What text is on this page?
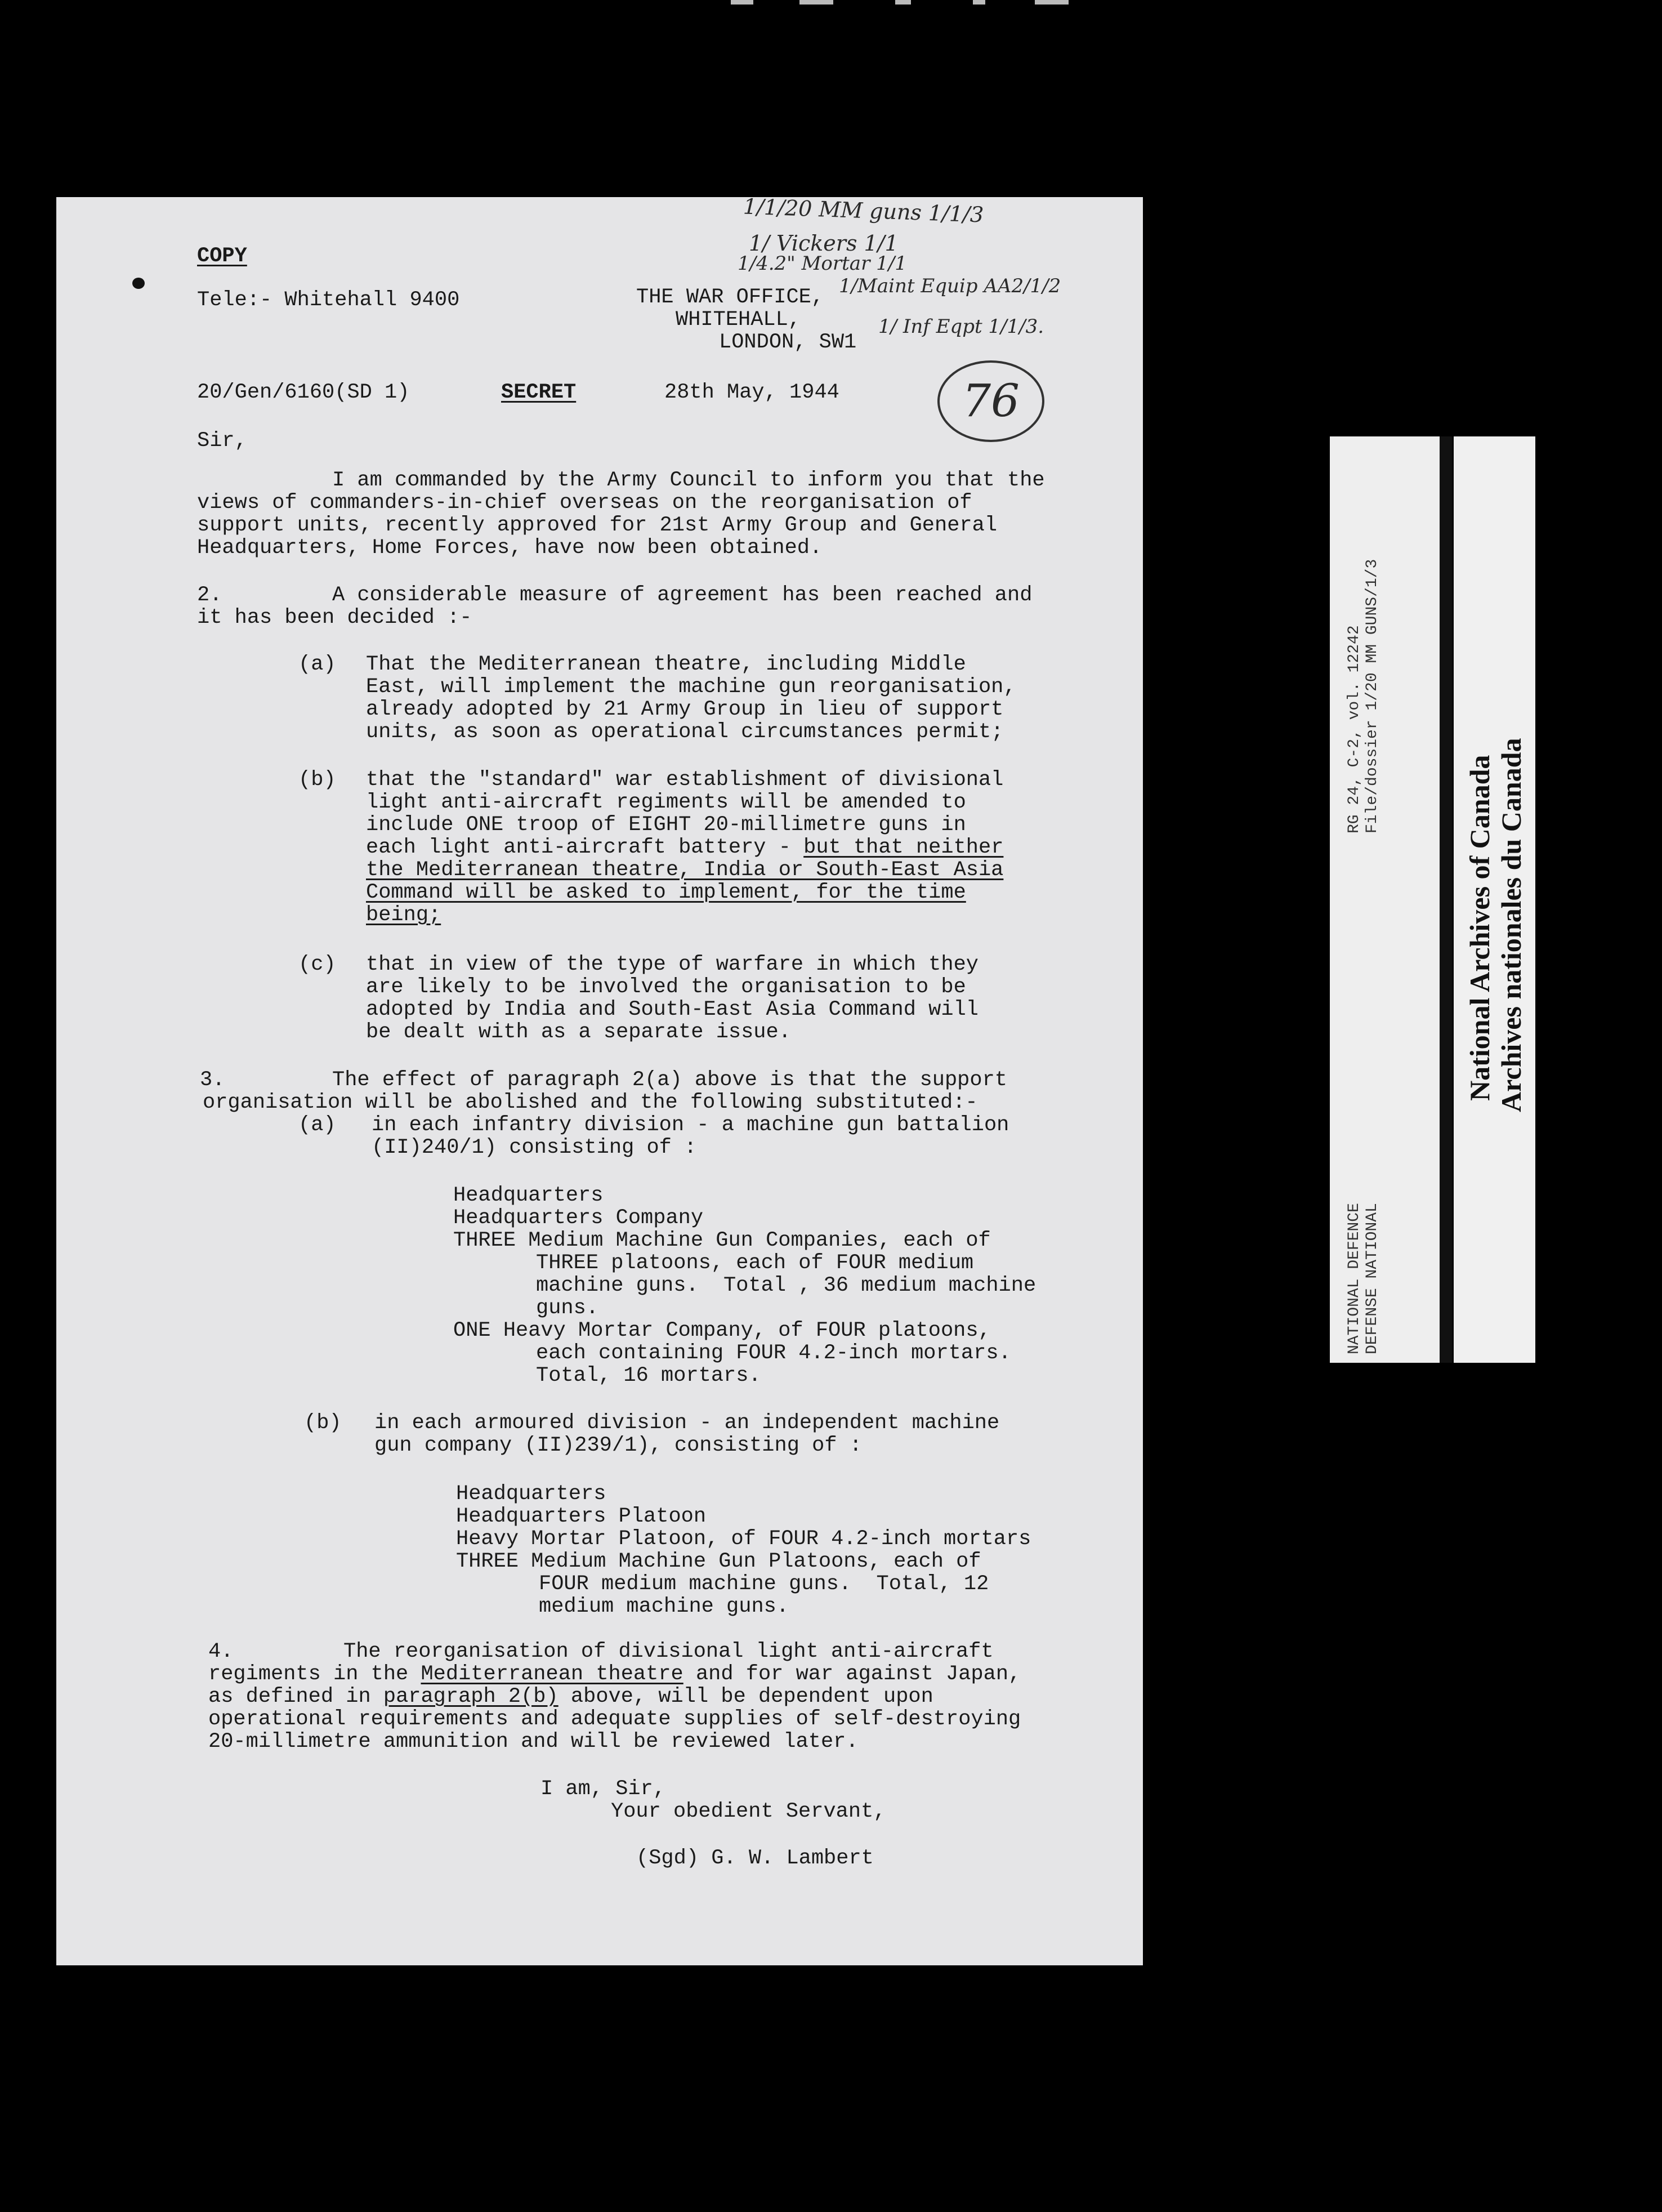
COPY
Tele:- Whitehall 9400	THE WAR OFFICE,
WHITEHALL,
LONDON, SW1
20/Gen/6160(SD 1)	SECRET	28th May, 1944
1/1/20 MM guns 1/1/3
1/ Vickers 1/1
1/4.2" Mortar 1/1
1/Maint Equip AA2/1/2
1/ Inf Eqpt 1/1/3.
76
Sir,
I am commanded by the Army Council to inform you that the
views of commanders-in-chief overseas on the reorganisation of
support units, recently approved for 21st Army Group and General
Headquarters, Home Forces, have now been obtained.
2.	A considerable measure of agreement has been reached and
it has been decided :-
(a) That the Mediterranean theatre, including Middle
East, will implement the machine gun reorganisation,
already adopted by 21 Army Group in lieu of support
units, as soon as operational circumstances permit;
(b) that the "standard" war establishment of divisional
light anti-aircraft regiments will be amended to
include ONE troop of EIGHT 20-millimetre guns in
each light anti-aircraft battery - but that neither
the Mediterranean theatre, India or South-East Asia
Command will be asked to implement, for the time
being;
(c) that in view of the type of warfare in which they
are likely to be involved the organisation to be
adopted by India and South-East Asia Command will
be dealt with as a separate issue.
3.	The effect of paragraph 2(a) above is that the support
organisation will be abolished and the following substituted:-
(a) in each infantry division - a machine gun battalion
(II)240/1) consisting of :
Headquarters
Headquarters Company
THREE Medium Machine Gun Companies, each of
THREE platoons, each of FOUR medium
machine guns.  Total , 36 medium machine
guns.
ONE Heavy Mortar Company, of FOUR platoons,
each containing FOUR 4.2-inch mortars.
Total, 16 mortars.
(b) in each armoured division - an independent machine
gun company (II)239/1), consisting of :
Headquarters
Headquarters Platoon
Heavy Mortar Platoon, of FOUR 4.2-inch mortars
THREE Medium Machine Gun Platoons, each of
FOUR medium machine guns.  Total, 12
medium machine guns.
4.	The reorganisation of divisional light anti-aircraft
regiments in the Mediterranean theatre and for war against Japan,
as defined in paragraph 2(b) above, will be dependent upon
operational requirements and adequate supplies of self-destroying
20-millimetre ammunition and will be reviewed later.
I am, Sir,
Your obedient Servant,
(Sgd) G. W. Lambert
RG 24, C-2, vol. 12242 File/dossier 1/20 MM GUNS/1/3
NATIONAL DEFENCE DEFENSE NATIONAL
National Archives of Canada Archives nationales du Canada
